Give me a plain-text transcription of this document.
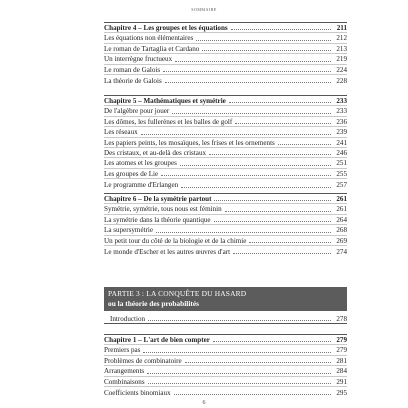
SOMMAIRE
Chapitre 4 – Les groupes et les équations	211
Les équations non élémentaires	212
Le roman de Tartaglia et Cardano	213
Un interrègne fructueux	219
Le roman de Galois	224
La théorie de Galois	228
Chapitre 5 – Mathématiques et symétrie	233
De l'algèbre pour jouer	233
Les dômes, les fullerènes et les balles de golf	236
Les réseaux	239
Les papiers peints, les mosaïques, les frises et les ornements	241
Des cristaux, et au-delà des cristaux	246
Les atomes et les groupes	251
Les groupes de Lie	255
Le programme d'Erlangen	257
Chapitre 6 – De la symétrie partout	261
Symétrie, symétrie, tous nous est féminin	261
La symétrie dans la théorie quantique	264
La supersymétrie	268
Un petit tour du côté de la biologie et de la chimie	269
Le monde d'Escher et les autres œuvres d'art	274
PARTIE 3 : LA CONQUÊTE DU HASARD
ou la théorie des probabilités
Introduction	278
Chapitre 1 – L'art de bien compter	279
Premiers pas	279
Problèmes de combinatoire	281
Arrangements	284
Combinaisons	291
Coefficients binomiaux	295
6
